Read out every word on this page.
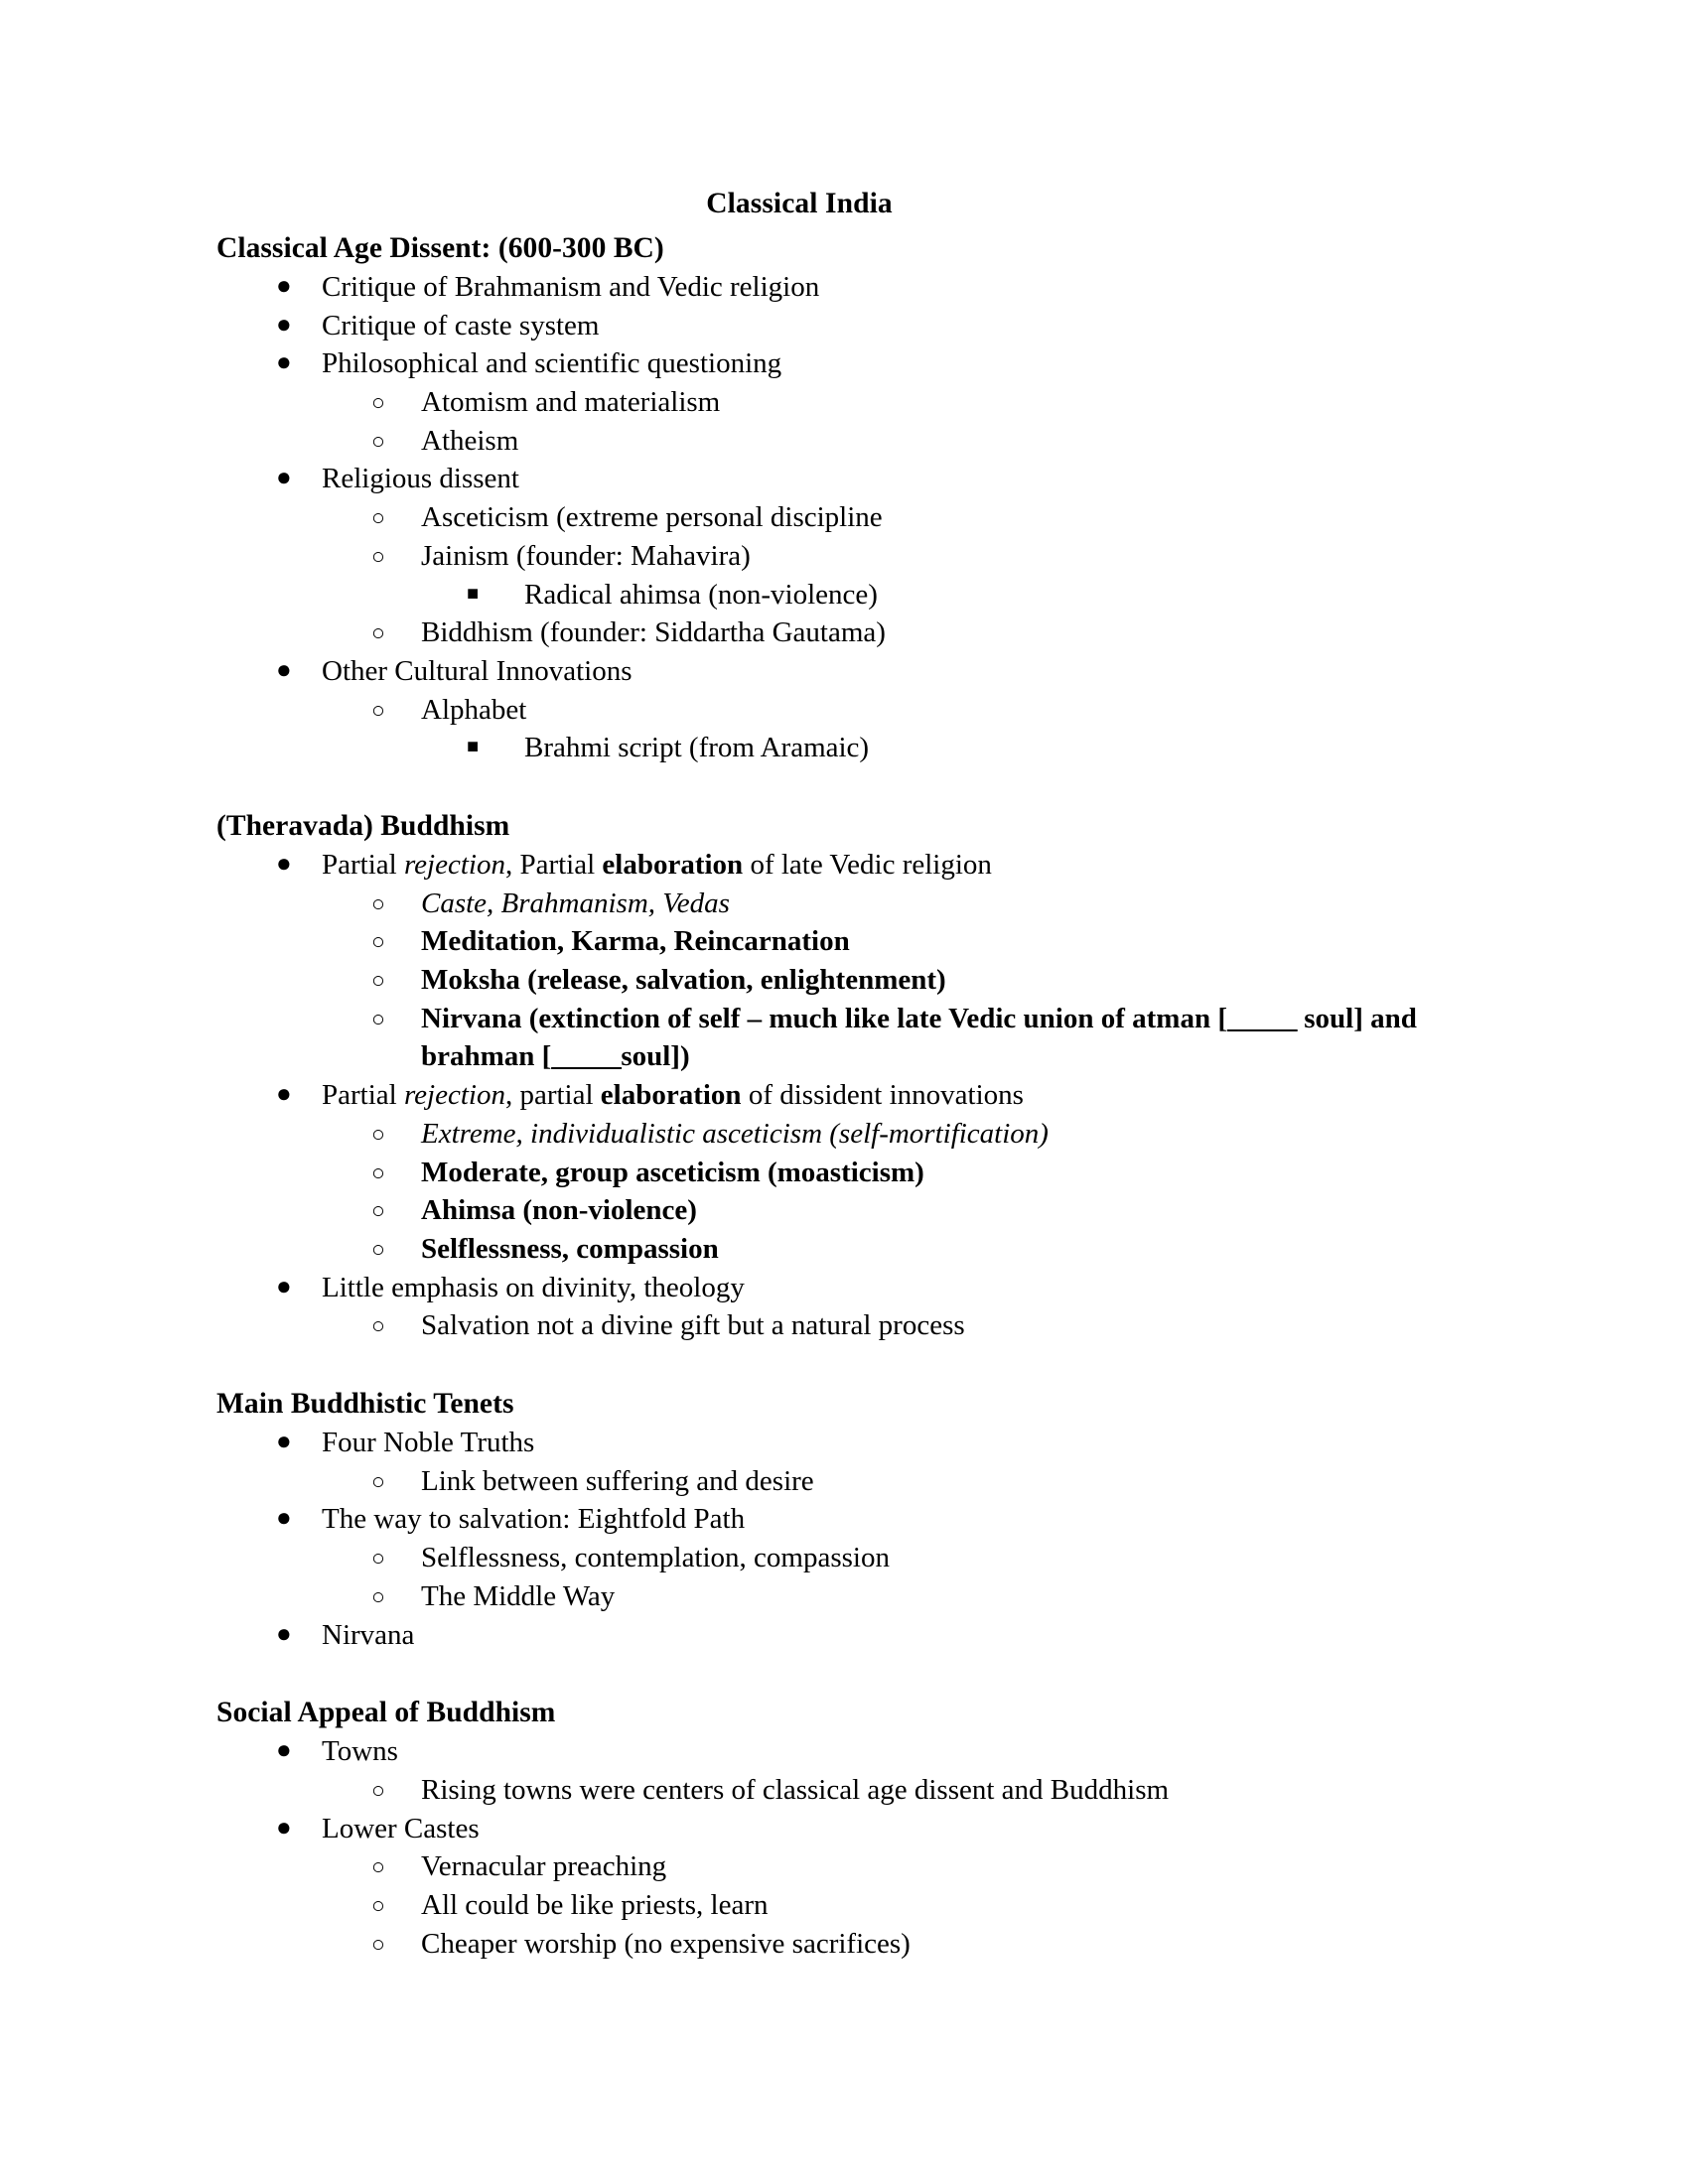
Classical India
Classical Age Dissent: (600-300 BC)
● Critique of Brahmanism and Vedic religion
● Critique of caste system
● Philosophical and scientific questioning
○ Atomism and materialism
○ Atheism
● Religious dissent
○ Asceticism (extreme personal discipline
○ Jainism (founder: Mahavira)
■ Radical ahimsa (non-violence)
○ Biddhism (founder: Siddartha Gautama)
● Other Cultural Innovations
○ Alphabet
■ Brahmi script (from Aramaic)
(Theravada) Buddhism
● Partial rejection, Partial elaboration of late Vedic religion
○ Caste, Brahmanism, Vedas
○ Meditation, Karma, Reincarnation
○ Moksha (release, salvation, enlightenment)
○ Nirvana (extinction of self – much like late Vedic union of atman [_____ soul] and brahman [_____soul])
● Partial rejection, partial elaboration of dissident innovations
○ Extreme, individualistic asceticism (self-mortification)
○ Moderate, group asceticism (moasticism)
○ Ahimsa (non-violence)
○ Selflessness, compassion
● Little emphasis on divinity, theology
○ Salvation not a divine gift but a natural process
Main Buddhistic Tenets
● Four Noble Truths
○ Link between suffering and desire
● The way to salvation: Eightfold Path
○ Selflessness, contemplation, compassion
○ The Middle Way
● Nirvana
Social Appeal of Buddhism
● Towns
○ Rising towns were centers of classical age dissent and Buddhism
● Lower Castes
○ Vernacular preaching
○ All could be like priests, learn
○ Cheaper worship (no expensive sacrifices)
